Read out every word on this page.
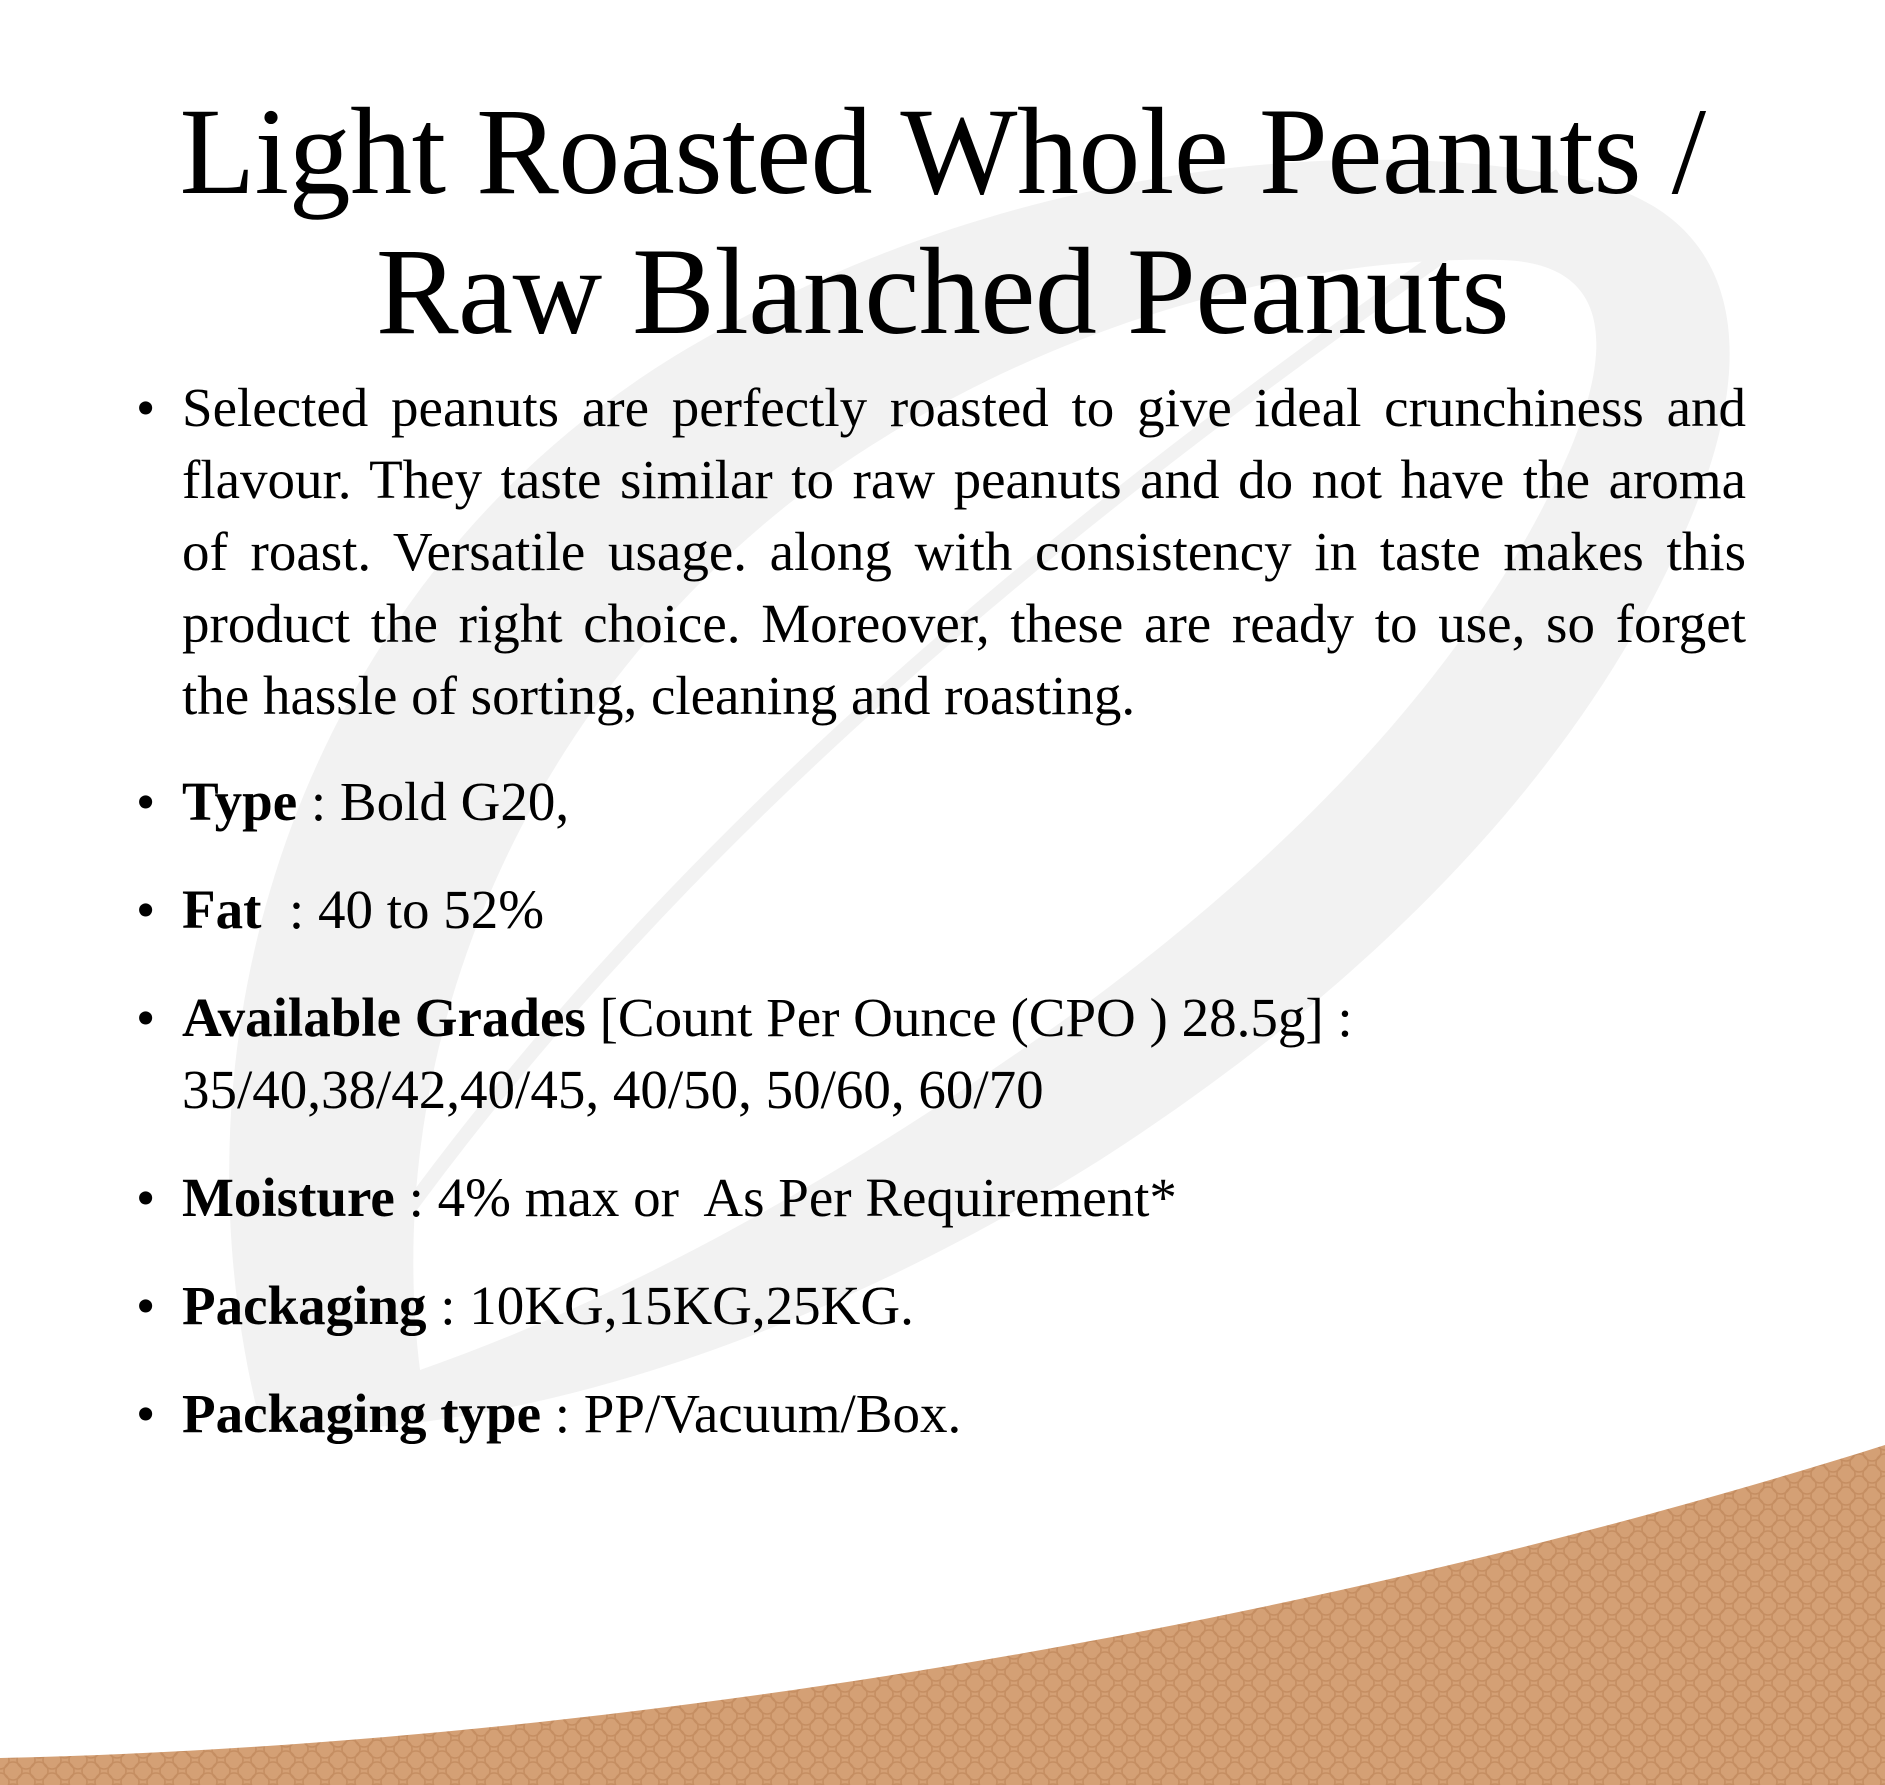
Light Roasted Whole Peanuts /
Raw Blanched Peanuts
• Selected peanuts are perfectly roasted to give ideal crunchiness and flavour. They taste similar to raw peanuts and do not have the aroma of roast. Versatile usage. along with consistency in taste makes this product the right choice. Moreover, these are ready to use, so forget the hassle of sorting, cleaning and roasting.
• Type : Bold G20,
• Fat  : 40 to 52%
• Available Grades [Count Per Ounce (CPO ) 28.5g] : 35/40,38/42,40/45, 40/50, 50/60, 60/70
• Moisture : 4% max or  As Per Requirement*
• Packaging : 10KG,15KG,25KG.
• Packaging type : PP/Vacuum/Box.
